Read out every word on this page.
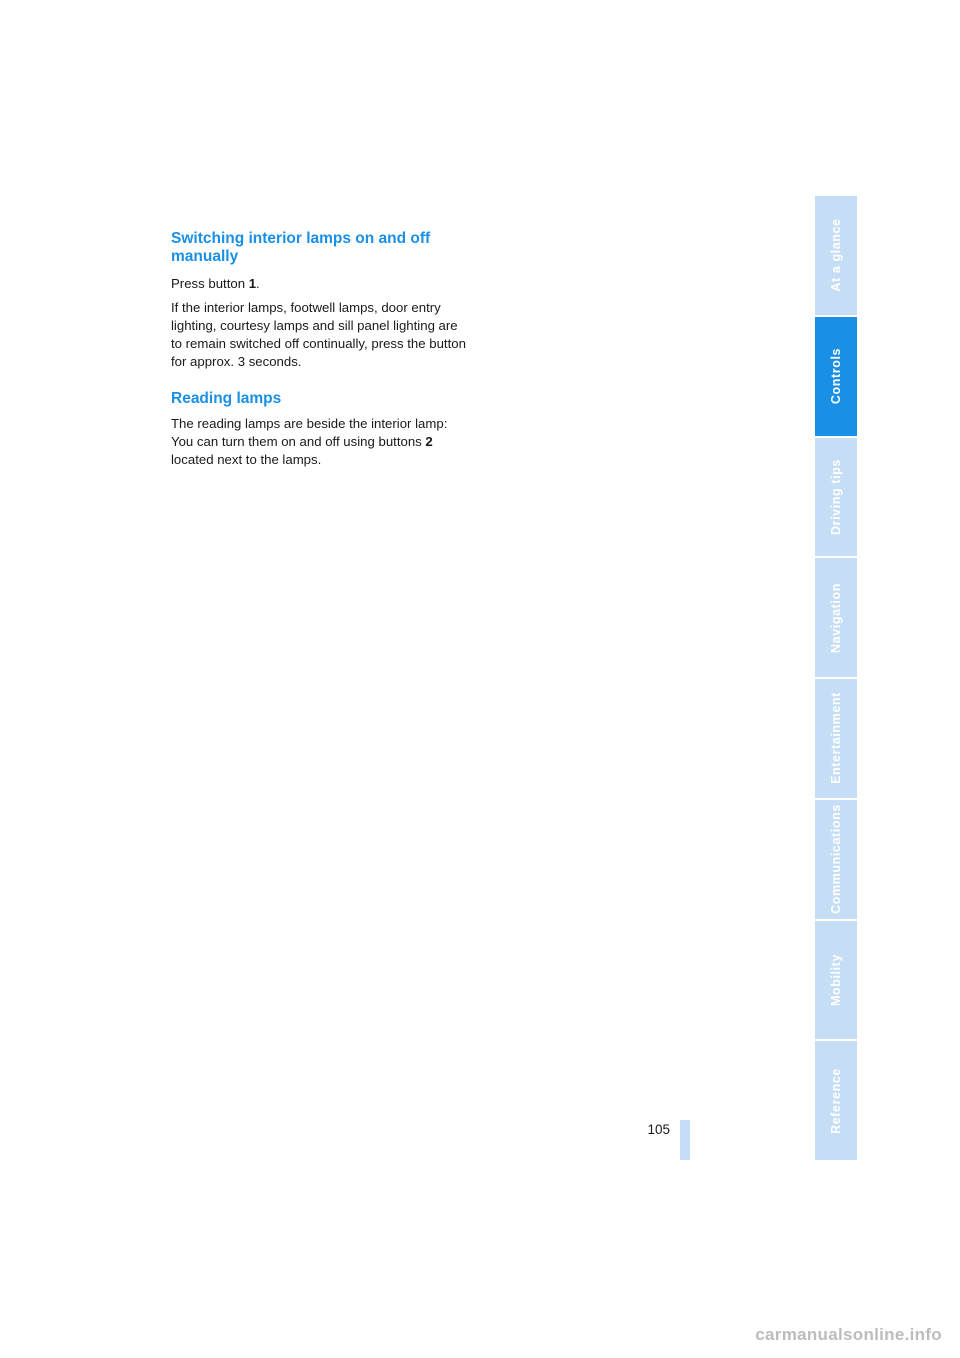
Switching interior lamps on and off
manually

Press button 1.

If the interior lamps, footwell lamps, door entry lighting, courtesy lamps and sill panel lighting are to remain switched off continually, press the button for approx. 3 seconds.

Reading lamps

The reading lamps are beside the interior lamp: You can turn them on and off using buttons 2 located next to the lamps.

At a glance
Controls
Driving tips
Navigation
Entertainment
Communications
Mobility
Reference
105
carmanualsonline.info
